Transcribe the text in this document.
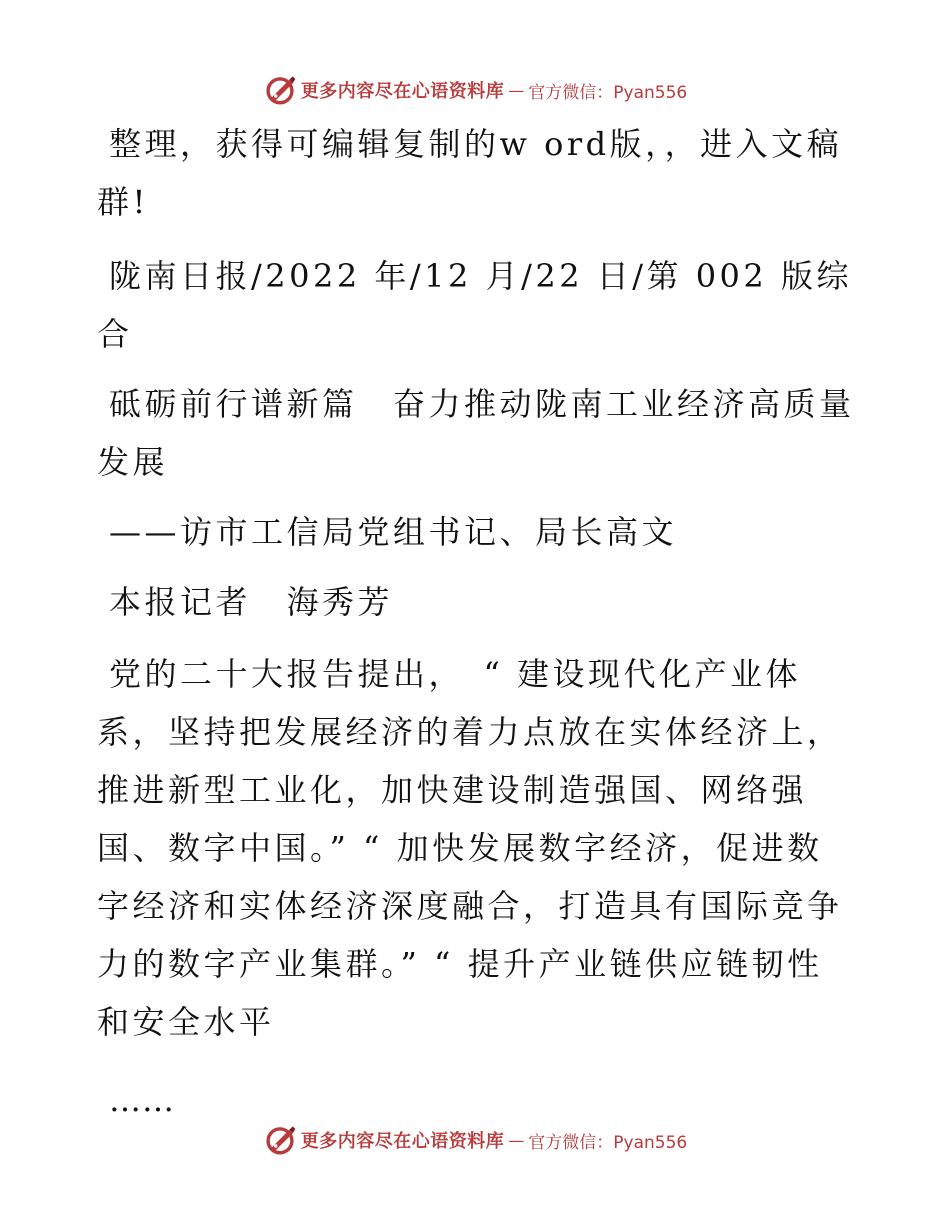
更多内容尽在心语资料库 — 官方微信：Pyan556

整理，获得可编辑复制的w ord版，，进入文稿群!

陇南日报/2022 年/12 月/22 日/第 002 版综合

砥砺前行谱新篇　奋力推动陇南工业经济高质量发展

——访市工信局党组书记、局长高文

本报记者　海秀芳

党的二十大报告提出，　“ 建设现代化产业体系，坚持把发展经济的着力点放在实体经济上，推进新型工业化，加快建设制造强国、网络强国、数字中国。” “ 加快发展数字经济，促进数字经济和实体经济深度融合，打造具有国际竞争力的数字产业集群。” “ 提升产业链供应链韧性和安全水平

……

更多内容尽在心语资料库 — 官方微信：Pyan556
